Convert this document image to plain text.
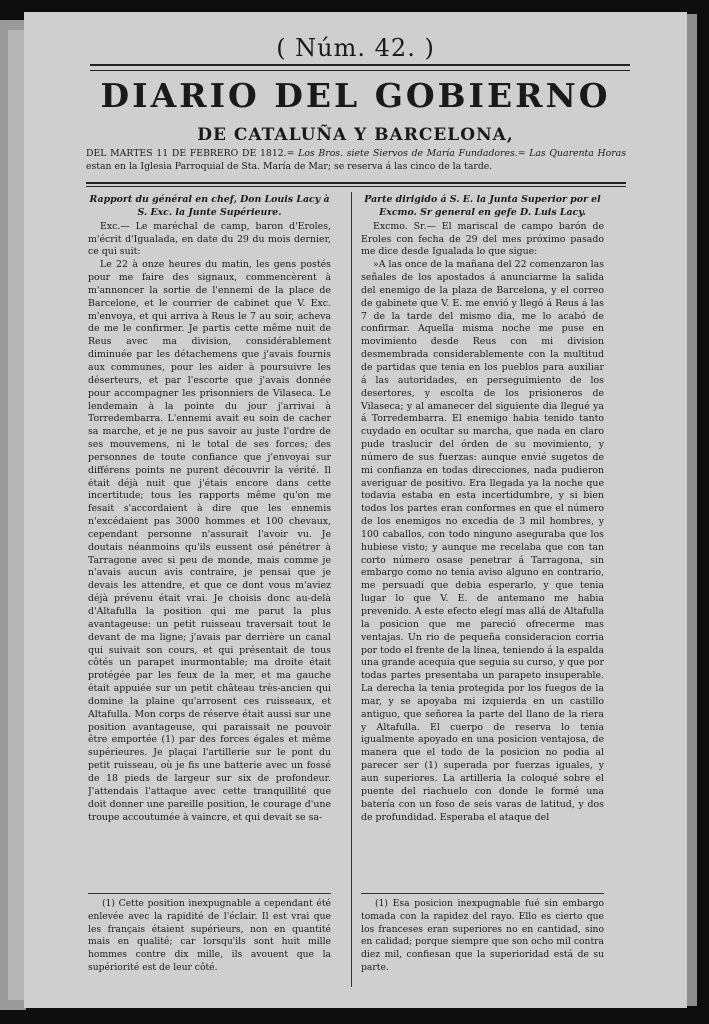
( Núm. 42. )
DIARIO DEL GOBIERNO
DE CATALUÑA Y BARCELONA,
DEL MARTES 11 DE FEBRERO DE 1812.= Los Bros. siete Siervos de María Fundadores.= Las Quarenta Horas estan en la Iglesia Parroquial de Sta. María de Mar; se reserva á las cinco de la tarde.

Rapport du général en chef, Don Louis Lacy à S. Exc. la Junte Supérieure.

Exc.— Le maréchal de camp, baron d'Eroles, m'écrit d'Igualada, en date du 29 du mois dernier, ce qui suit:

Le 22 à onze heures du matin, les gens postés pour me faire des signaux, commencèrent à m'annoncer la sortie de l'ennemi de la place de Barcelone, et le courrier de cabinet que V. Exc. m'envoya, et qui arriva à Reus le 7 au soir, acheva de me le confirmer. Je partis cette même nuit de Reus avec ma division, considérablement diminuée par les détachemens que j'avais fournis aux communes, pour les aider à poursuivre les déserteurs, et par l'escorte que j'avais donnée pour accompagner les prisonniers de Vilaseca. Le lendemain à la pointe du jour j'arrivai à Torredembarra. L'ennemi avait eu soin de cacher sa marche, et je ne pus savoir au juste l'ordre de ses mouvemens, ni le total de ses forces; des personnes de toute confiance que j'envoyai sur différens points ne purent découvrir la vérité. Il était déjà nuit que j'étais encore dans cette incertitude; tous les rapports même qu'on me fesait s'accordaient à dire que les ennemis n'excédaient pas 3000 hommes et 100 chevaux, cependant personne n'assurait l'avoir vu. Je doutais néanmoins qu'ils eussent osé pénétrer à Tarragone avec si peu de monde, mais comme je n'avais aucun avis contraire, je pensai que je devais les attendre, et que ce dont vous m'aviez déjà prévenu était vrai. Je choisis donc au-delà d'Altafulla la position qui me parut la plus avantageuse: un petit ruisseau traversait tout le devant de ma ligne; j'avais par derrière un canal qui suivait son cours, et qui présentait de tous côtés un parapet inurmontable; ma droite était protégée par les feux de la mer, et ma gauche était appuiée sur un petit château très-ancien qui domine la plaine qu'arrosent ces ruisseaux, et Altafulla. Mon corps de réserve était aussi sur une position avantageuse, qui paraissait ne pouvoir être emportée (1) par des forces égales et même supérieures. Je plaçai l'artillerie sur le pont du petit ruisseau, où je fis une batterie avec un fossé de 18 pieds de largeur sur six de profondeur. J'attendais l'attaque avec cette tranquillité que doit donner une pareille position, le courage d'une troupe accoutumée à vaincre, et qui devait se sa-

Parte dirigido á S. E. la Junta Superior por el Excmo. Sr general en gefe D. Luis Lacy.

Excmo. Sr.— El mariscal de campo barón de Eroles con fecha de 29 del mes próximo pasado me dice desde Igualada lo que sigue:

»A las once de la mañana del 22 comenzaron las señales de los apostados á anunciarme la salida del enemigo de la plaza de Barcelona, y el correo de gabinete que V. E. me envió y llegó á Reus á las 7 de la tarde del mismo dia, me lo acabó de confirmar. Aquella misma noche me puse en movimiento desde Reus con mi division desmembrada considerablemente con la multitud de partidas que tenia en los pueblos para auxiliar á las autoridades, en perseguimiento de los desertores, y escolta de los prisioneros de Vilaseca; y al amanecer del siguiente dia llegué ya á Torredembarra. El enemigo habia tenido tanto cuydado en ocultar su marcha, que nada en claro pude traslucir del órden de su movimiento, y número de sus fuerzas: aunque envié sugetos de mi confianza en todas direcciones, nada pudieron averiguar de positivo. Era llegada ya la noche que todavia estaba en esta incertidumbre, y si bien todos los partes eran conformes en que el número de los enemigos no excedia de 3 mil hombres, y 100 caballos, con todo ninguno aseguraba que los hubiese visto; y aunque me recelaba que con tan corto número osase penetrar á Tarragona, sin embargo como no tenia aviso alguno en contrario, me persuadí que debia esperarlo, y que tenia lugar lo que V. E. de antemano me habia prevenido. A este efecto elegí mas allá de Altafulla la posicion que me pareció ofrecerme mas ventajas. Un rio de pequeña consideracion corria por todo el frente de la línea, teniendo á la espalda una grande acequia que seguia su curso, y que por todas partes presentaba un parapeto insuperable. La derecha la tenia protegida por los fuegos de la mar, y se apoyaba mi izquierda en un castillo antiguo, que señorea la parte del llano de la riera y Altafulla. El cuerpo de reserva lo tenia igualmente apoyado en una posicion ventajosa, de manera que el todo de la posicion no podia al parecer ser (1) superada por fuerzas iguales, y aun superiores. La artilleria la coloqué sobre el puente del riachuelo con donde le formé una batería con un foso de seis varas de latitud, y dos de profundidad. Esperaba el ataque del

(1) Cette position inexpugnable a cependant été enlevée avec la rapidité de l'éclair. Il est vrai que les français étaient supérieurs, non en quantité mais en qualité; car lorsqu'ils sont huit mille hommes contre dix mille, ils avouent que la supériorité est de leur côté.

(1) Esa posicion inexpugnable fué sin embargo tomada con la rapidez del rayo. Ello es cierto que los franceses eran superiores no en cantidad, sino en calidad; porque siempre que son ocho mil contra diez mil, confiesan que la superioridad está de su parte.
